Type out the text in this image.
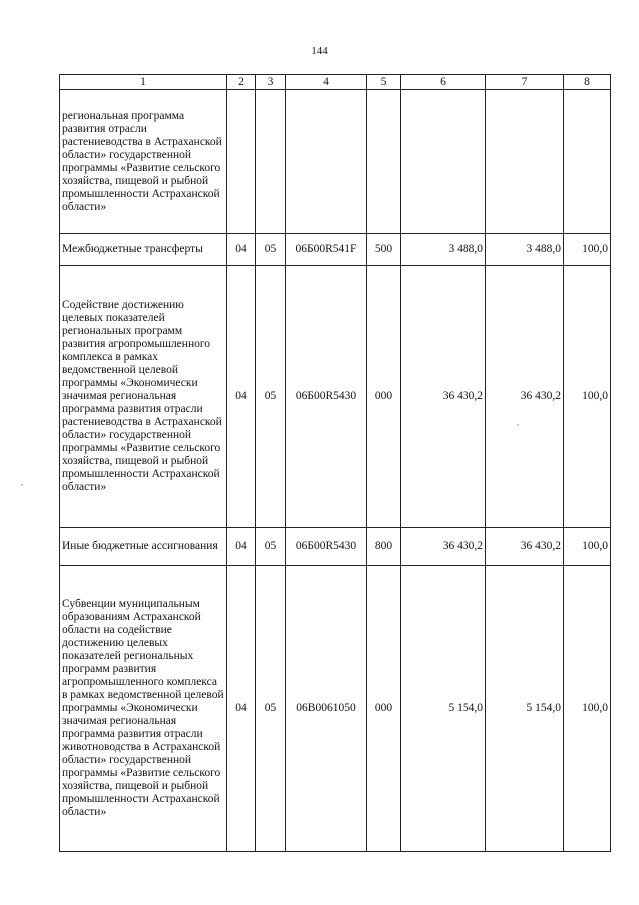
144
1	2	3	4	5	6	7	8
региональная программа развития отрасли растениеводства в Астраханской области» государственной программы «Развитие сельского хозяйства, пищевой и рыбной промышленности Астраханской области»							
Межбюджетные трансферты	04	05	06Б00R541F	500	3 488,0	3 488,0	100,0
Содействие достижению целевых показателей региональных программ развития агропромышленного комплекса в рамках ведомственной целевой программы «Экономически значимая региональная программа развития отрасли растениеводства в Астраханской области» государственной программы «Развитие сельского хозяйства, пищевой и рыбной промышленности Астраханской области»	04	05	06Б00R5430	000	36 430,2	36 430,2	100,0
Иные бюджетные ассигнования	04	05	06Б00R5430	800	36 430,2	36 430,2	100,0
Субвенции муниципальным образованиям Астраханской области на содействие достижению целевых показателей региональных программ развития агропромышленного комплекса в рамках ведомственной целевой программы «Экономически значимая региональная программа развития отрасли животноводства в Астраханской области» государственной программы «Развитие сельского хозяйства, пищевой и рыбной промышленности Астраханской области»	04	05	06В0061050	000	5 154,0	5 154,0	100,0
